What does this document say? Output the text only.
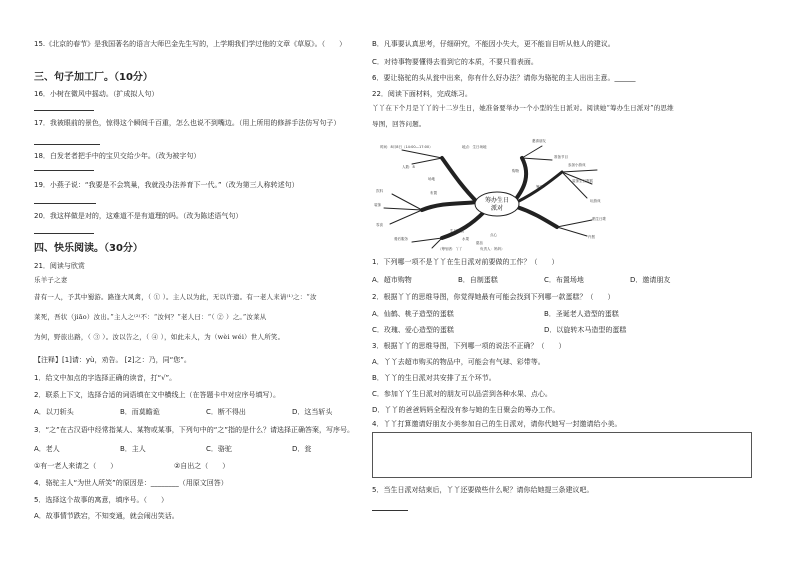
15.《北京的春节》是我国著名的语言大师巴金先生写的，上学期我们学过他的文章《草原》。（　　）
三、句子加工厂。（10分）
16．小树在微风中摇动。（扩成拟人句）
17．我被眼前的景色，惊得这个瞬间千百重，怎么也说不到嘴边。（用上所用的修辞手法仿写句子）
18．白发老者把手中的宝贝交给少年。（改为被字句）
19．小燕子说：“我要是不会筑巢，我就没办法养育下一代。”（改为第三人称转述句）
20．我这样做是对的，这难道不是有道理的吗。（改为陈述语气句）
四、快乐阅读。（30分）
21．阅读与欣赏
乐羊子之妻
昔有一人，予其中蜀游。路逢大风禽，（ ① ）。主人以为此，无以许遗。有一老人来请⁽¹⁾之：“汝
莱死，吾状（jiāo）汝出。”主人之⁽²⁾不：“汝何？”老人曰：“（ ② ）之。”汝莱从
为何，野旅出路，（ ③ ）。汝以告之，（ ④ ），如此未人，为（wèi wéi）世人所笑。
【注释】[1]请：yù，劝告。 [2]之：乃，同“您”。
1．给文中加点的字选择正确的读音，打“√”。
2．联系上下文，选择合适的词语填在文中横线上（在答题卡中对应序号填写）。
A．以刀斩头	B．而莫瞻诡	C．断不得出	D．这当斩头
3．“之”在古汉语中经常指某人、某物或某事，下列句中的“之”指的是什么？请选择正确答案，写序号。
A．老人	B．主人	C．骆驼	D．瓮
①有一老人来请之（　　）	②自出之（　　）
4．骆驼主人“为世人所笑”的原因是：________（用原文回答）
5．选择这个故事的寓意，填序号。（　　）
A．故事情节跌宕，不知变通，就会闹出笑话。
B．凡事要认真思考，仔细研究，不能因小失大，更不能盲目听从他人的建议。
C．对待事物要懂得去看到它的本质，不要只看表面。
6．要让骆驼的头从瓮中出来，你有什么好办法？请你为骆驼的主人出出主意。______
22．阅读下面材料，完成练习。
丫丫在下个月是丫丫的十二岁生日，她准备要举办一个小型的生日派对。阅读她“筹办生日派对”的思维
导图，回答问题。
筹办生日
派对
时间：8月8日（14:00—17:00）	地点：生日场地
人数：8
饮料
装饰
零食
场地
布置
餐后服务
生日蛋糕
水果
甜品
点心
邀请朋友
准备节目
参加小游戏
购物
筹办
装饰生日蛋糕
玩游戏
唱生日歌
许愿
（筹划者：丫丫　　　　　负责人：妈妈）
1．下列哪一项不是丫丫在生日派对前要做的工作？（　　）
A．超市购物	B．自制蛋糕	C．布置场地	D．邀请朋友
2．根据丫丫的思维导图，你觉得她最有可能会找到下列哪一款蛋糕？（　　）
A．仙鹤、桃子造型的蛋糕	B．圣诞老人造型的蛋糕
C．玫瑰、爱心造型的蛋糕	D．以旋转木马造型的蛋糕
3．根据丫丫的思维导图，下列哪一项的说法不正确？（　　）
A．丫丫去超市购买的物品中，可能会有气球、彩带等。
B．丫丫的生日派对共安排了五个环节。
C．参加丫丫生日派对的朋友可以品尝到各种水果、点心。
D．丫丫的爸爸妈妈全程没有参与她的生日聚会的筹办工作。
4．丫丫打算邀请好朋友小美参加自己的生日派对，请你代她写一封邀请给小美。
5．当生日派对结束后，丫丫还要做些什么呢？请你给她提三条建议吧。
